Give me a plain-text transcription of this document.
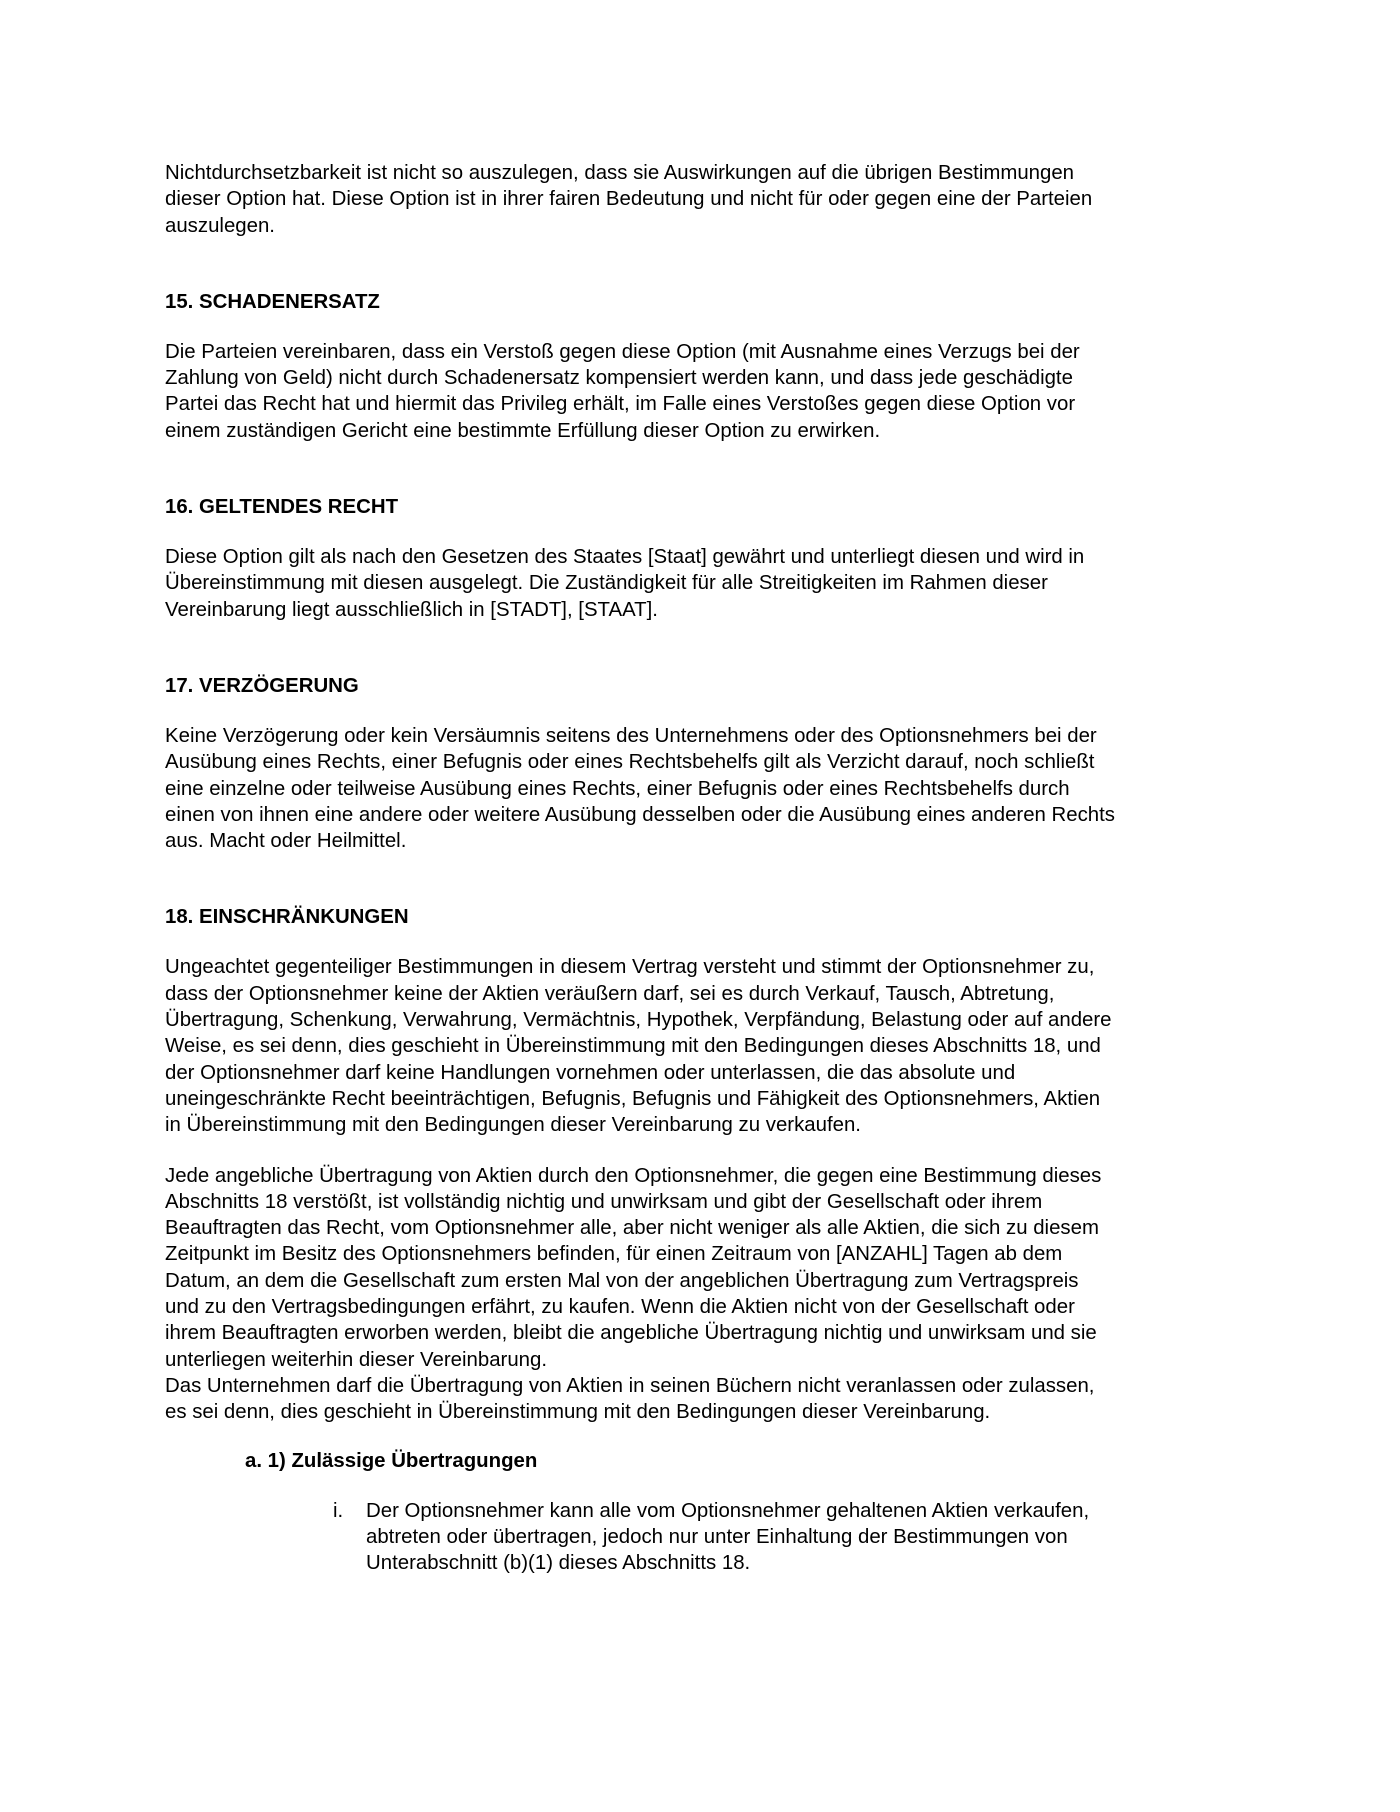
Nichtdurchsetzbarkeit ist nicht so auszulegen, dass sie Auswirkungen auf die übrigen Bestimmungen
dieser Option hat. Diese Option ist in ihrer fairen Bedeutung und nicht für oder gegen eine der Parteien
auszulegen.

15. SCHADENERSATZ

Die Parteien vereinbaren, dass ein Verstoß gegen diese Option (mit Ausnahme eines Verzugs bei der
Zahlung von Geld) nicht durch Schadenersatz kompensiert werden kann, und dass jede geschädigte
Partei das Recht hat und hiermit das Privileg erhält, im Falle eines Verstoßes gegen diese Option vor
einem zuständigen Gericht eine bestimmte Erfüllung dieser Option zu erwirken.

16. GELTENDES RECHT

Diese Option gilt als nach den Gesetzen des Staates [Staat] gewährt und unterliegt diesen und wird in
Übereinstimmung mit diesen ausgelegt. Die Zuständigkeit für alle Streitigkeiten im Rahmen dieser
Vereinbarung liegt ausschließlich in [STADT], [STAAT].

17. VERZÖGERUNG

Keine Verzögerung oder kein Versäumnis seitens des Unternehmens oder des Optionsnehmers bei der
Ausübung eines Rechts, einer Befugnis oder eines Rechtsbehelfs gilt als Verzicht darauf, noch schließt
eine einzelne oder teilweise Ausübung eines Rechts, einer Befugnis oder eines Rechtsbehelfs durch
einen von ihnen eine andere oder weitere Ausübung desselben oder die Ausübung eines anderen Rechts
aus. Macht oder Heilmittel.

18. EINSCHRÄNKUNGEN

Ungeachtet gegenteiliger Bestimmungen in diesem Vertrag versteht und stimmt der Optionsnehmer zu,
dass der Optionsnehmer keine der Aktien veräußern darf, sei es durch Verkauf, Tausch, Abtretung,
Übertragung, Schenkung, Verwahrung, Vermächtnis, Hypothek, Verpfändung, Belastung oder auf andere
Weise, es sei denn, dies geschieht in Übereinstimmung mit den Bedingungen dieses Abschnitts 18, und
der Optionsnehmer darf keine Handlungen vornehmen oder unterlassen, die das absolute und
uneingeschränkte Recht beeinträchtigen, Befugnis, Befugnis und Fähigkeit des Optionsnehmers, Aktien
in Übereinstimmung mit den Bedingungen dieser Vereinbarung zu verkaufen.

Jede angebliche Übertragung von Aktien durch den Optionsnehmer, die gegen eine Bestimmung dieses
Abschnitts 18 verstößt, ist vollständig nichtig und unwirksam und gibt der Gesellschaft oder ihrem
Beauftragten das Recht, vom Optionsnehmer alle, aber nicht weniger als alle Aktien, die sich zu diesem
Zeitpunkt im Besitz des Optionsnehmers befinden, für einen Zeitraum von [ANZAHL] Tagen ab dem
Datum, an dem die Gesellschaft zum ersten Mal von der angeblichen Übertragung zum Vertragspreis
und zu den Vertragsbedingungen erfährt, zu kaufen. Wenn die Aktien nicht von der Gesellschaft oder
ihrem Beauftragten erworben werden, bleibt die angebliche Übertragung nichtig und unwirksam und sie
unterliegen weiterhin dieser Vereinbarung.
Das Unternehmen darf die Übertragung von Aktien in seinen Büchern nicht veranlassen oder zulassen,
es sei denn, dies geschieht in Übereinstimmung mit den Bedingungen dieser Vereinbarung.

a. 1) Zulässige Übertragungen
i.	Der Optionsnehmer kann alle vom Optionsnehmer gehaltenen Aktien verkaufen,
abtreten oder übertragen, jedoch nur unter Einhaltung der Bestimmungen von
Unterabschnitt (b)(1) dieses Abschnitts 18.
